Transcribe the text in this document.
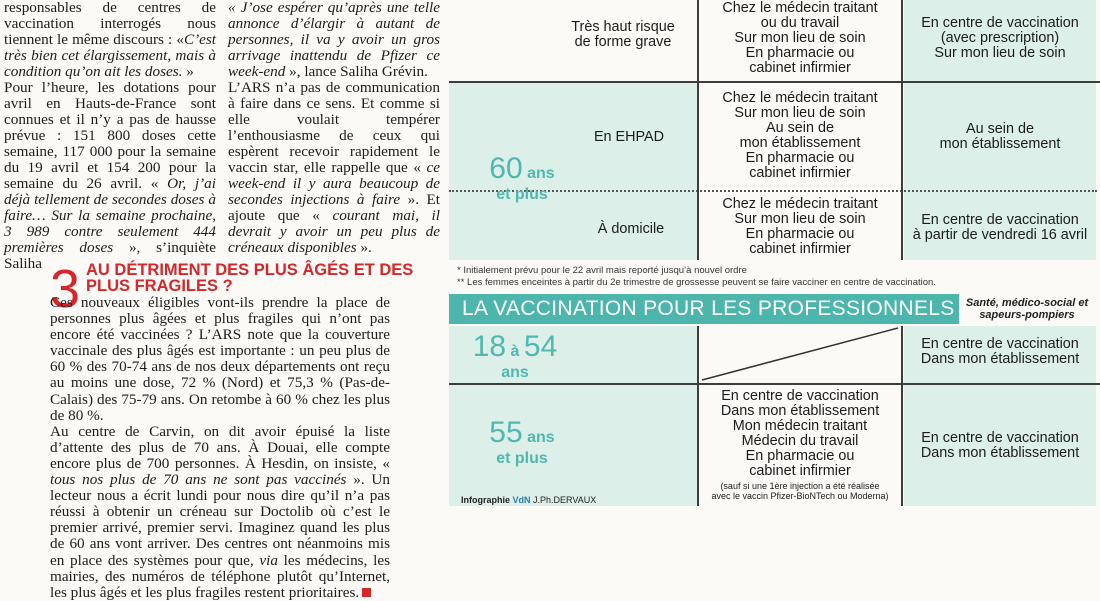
responsables de centres de vaccination interrogés nous tiennent le même discours : «C’est très bien cet élargissement, mais à condition qu’on ait les doses. »

Pour l’heure, les dotations pour avril en Hauts-de-France sont connues et il n’y a pas de hausse prévue : 151 800 doses cette semaine, 117 000 pour la semaine du 19 avril et 154 200 pour la semaine du 26 avril. « Or, j’ai déjà tellement de secondes doses à faire… Sur la semaine prochaine, 3 989 contre seulement 444 premières doses », s’inquiète Saliha

« J’ose espérer qu’après une telle annonce d’élargir à autant de personnes, il va y avoir un gros arrivage inattendu de Pfizer ce week-end », lance Saliha Grévin.

L’ARS n’a pas de communication à faire dans ce sens. Et comme si elle voulait tempérer l’enthousiasme de ceux qui espèrent recevoir rapidement le vaccin star, elle rappelle que « ce week-end il y aura beaucoup de secondes injections à faire ». Et ajoute que « courant mai, il devrait y avoir un peu plus de créneaux disponibles ».

3 AU DÉTRIMENT DES PLUS ÂGÉS ET DES PLUS FRAGILES ?

Ces nouveaux éligibles vont-ils prendre la place de personnes plus âgées et plus fragiles qui n’ont pas encore été vaccinées ? L’ARS note que la couverture vaccinale des plus âgés est importante : un peu plus de 60 % des 70-74 ans de nos deux départements ont reçu au moins une dose, 72 % (Nord) et 75,3 % (Pas-de-Calais) des 75-79 ans. On retombe à 60 % chez les plus de 80 %.

Au centre de Carvin, on dit avoir épuisé la liste d’attente des plus de 70 ans. À Douai, elle compte encore plus de 700 personnes. À Hesdin, on insiste, « tous nos plus de 70 ans ne sont pas vaccinés ». Un lecteur nous a écrit lundi pour nous dire qu’il n’a pas réussi à obtenir un créneau sur Doctolib où c’est le premier arrivé, premier servi. Imaginez quand les plus de 60 ans vont arriver. Des centres ont néanmoins mis en place des systèmes pour que, via les médecins, les mairies, des numéros de téléphone plutôt qu’Internet, les plus âgés et les plus fragiles restent prioritaires.

Très haut risque
de forme grave
Chez le médecin traitant
ou du travail
Sur mon lieu de soin
En pharmacie ou
cabinet infirmier
En centre de vaccination
(avec prescription)
Sur mon lieu de soin
60 ans
et plus
En EHPAD
Chez le médecin traitant
Sur mon lieu de soin
Au sein de
mon établissement
En pharmacie ou
cabinet infirmier
Au sein de
mon établissement
À domicile
Chez le médecin traitant
Sur mon lieu de soin
En pharmacie ou
cabinet infirmier
En centre de vaccination
à partir de vendredi 16 avril
* Initialement prévu pour le 22 avril mais reporté jusqu’à nouvel ordre
** Les femmes enceintes à partir du 2e trimestre de grossesse peuvent se faire vacciner en centre de vaccination.
18 à 54
ans
En centre de vaccination
Dans mon établissement
55 ans
et plus
En centre de vaccination
Dans mon établissement
Mon médecin traitant
Médecin du travail
En pharmacie ou
cabinet infirmier
(sauf si une 1ère injection a été réalisée
avec le vaccin Pfizer-BioNTech ou Moderna)
En centre de vaccination
Dans mon établissement
LA VACCINATION POUR LES PROFESSIONNELS	Santé, médico-social et sapeurs-pompiers
Infographie VdN J.Ph.DERVAUX
